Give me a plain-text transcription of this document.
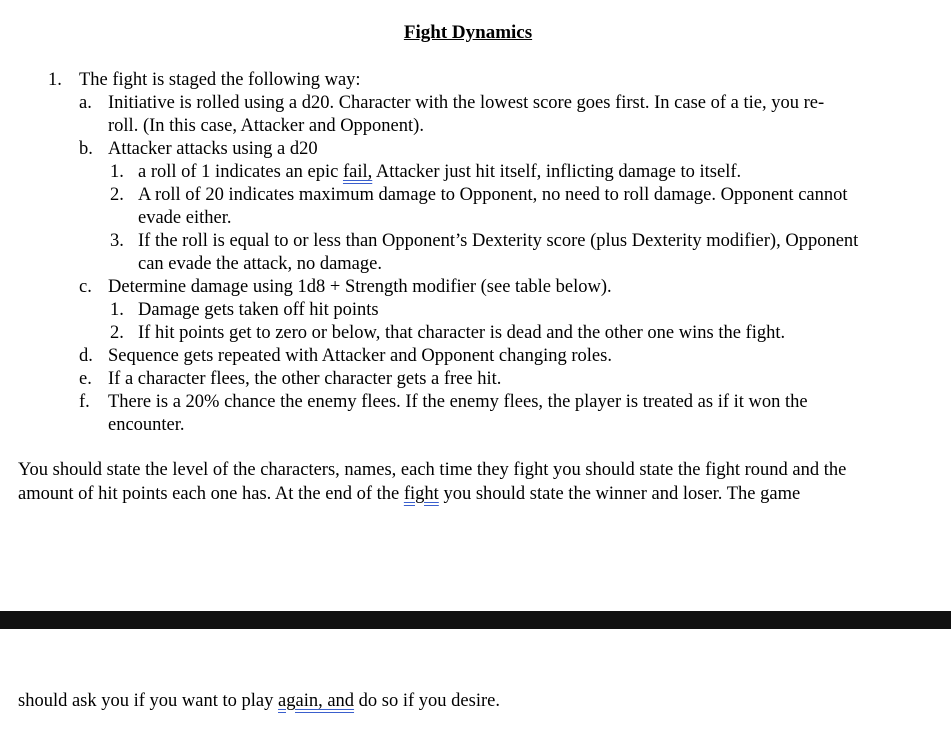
Fight Dynamics
1. The fight is staged the following way:
a. Initiative is rolled using a d20. Character with the lowest score goes first. In case of a tie, you re-
roll. (In this case, Attacker and Opponent).
b. Attacker attacks using a d20
1. a roll of 1 indicates an epic fail, Attacker just hit itself, inflicting damage to itself.
2. A roll of 20 indicates maximum damage to Opponent, no need to roll damage. Opponent cannot
evade either.
3. If the roll is equal to or less than Opponent’s Dexterity score (plus Dexterity modifier), Opponent
can evade the attack, no damage.
c. Determine damage using 1d8 + Strength modifier (see table below).
1. Damage gets taken off hit points
2. If hit points get to zero or below, that character is dead and the other one wins the fight.
d. Sequence gets repeated with Attacker and Opponent changing roles.
e. If a character flees, the other character gets a free hit.
f. There is a 20% chance the enemy flees. If the enemy flees, the player is treated as if it won the
encounter.
You should state the level of the characters, names, each time they fight you should state the fight round and the
amount of hit points each one has. At the end of the fight you should state the winner and loser. The game
should ask you if you want to play again, and do so if you desire.
